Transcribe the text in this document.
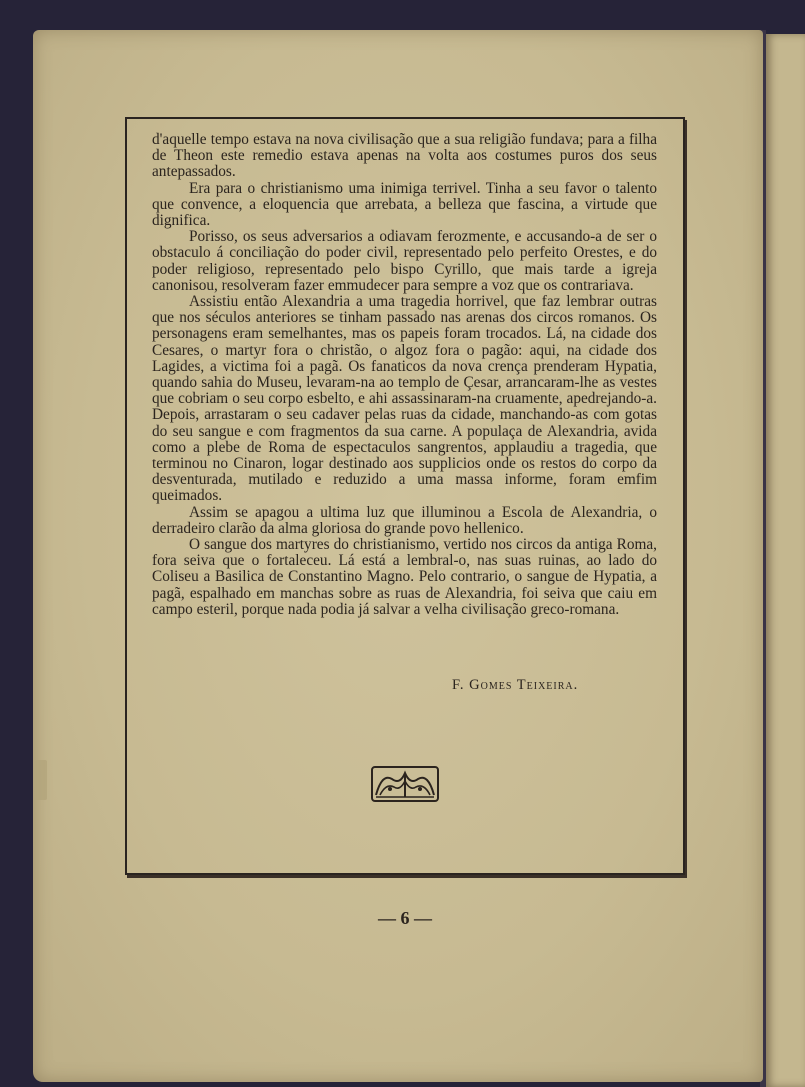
d'aquelle tempo estava na nova civilisação que a sua religião fundava; para a filha de Theon este remedio estava apenas na volta aos costumes puros dos seus antepassados.

Era para o christianismo uma inimiga terrivel. Tinha a seu favor o talento que convence, a eloquencia que arrebata, a belleza que fascina, a virtude que dignifica.

Porisso, os seus adversarios a odiavam ferozmente, e accusando-a de ser o obstaculo á conciliação do poder civil, representado pelo perfeito Orestes, e do poder religioso, representado pelo bispo Cyrillo, que mais tarde a igreja canonisou, resolveram fazer emmudecer para sempre a voz que os contrariava.

Assistiu então Alexandria a uma tragedia horrivel, que faz lembrar outras que nos séculos anteriores se tinham passado nas arenas dos circos romanos. Os personagens eram semelhantes, mas os papeis foram trocados. Lá, na cidade dos Cesares, o martyr fora o christão, o algoz fora o pagão: aqui, na cidade dos Lagides, a victima foi a pagã. Os fanaticos da nova crença prenderam Hypatia, quando sahia do Museu, levaram-na ao templo de Çesar, arrancaram-lhe as vestes que cobriam o seu corpo esbelto, e ahi assassinaram-na cruamente, apedrejando-a. Depois, arrastaram o seu cadaver pelas ruas da cidade, manchando-as com gotas do seu sangue e com fragmentos da sua carne. A populaça de Alexandria, avida como a plebe de Roma de espectaculos sangrentos, applaudiu a tragedia, que terminou no Cinaron, logar destinado aos supplicios onde os restos do corpo da desventurada, mutilado e reduzido a uma massa informe, foram emfim queimados.

Assim se apagou a ultima luz que illuminou a Escola de Alexandria, o derradeiro clarão da alma gloriosa do grande povo hellenico.

O sangue dos martyres do christianismo, vertido nos circos da antiga Roma, fora seiva que o fortaleceu. Lá está a lembral-o, nas suas ruinas, ao lado do Coliseu a Basilica de Constantino Magno. Pelo contrario, o sangue de Hypatia, a pagã, espalhado em manchas sobre as ruas de Alexandria, foi seiva que caiu em campo esteril, porque nada podia já salvar a velha civilisação greco-romana.

F. Gomes Teixeira.
— 6 —
